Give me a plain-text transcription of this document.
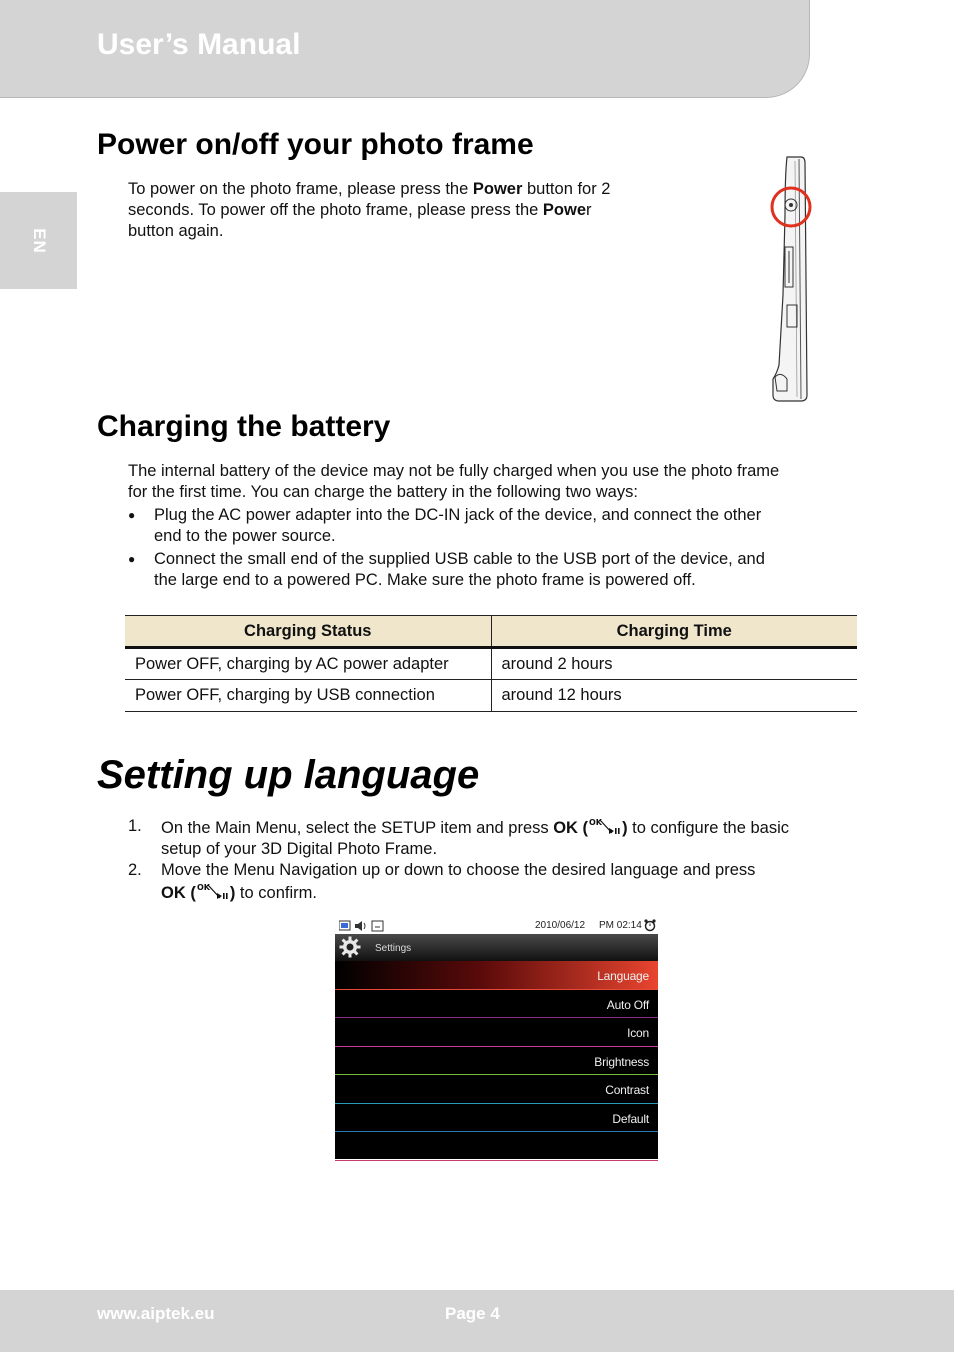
User’s Manual
EN
Power on/off your photo frame
To power on the photo frame, please press the Power button for 2
seconds. To power off the photo frame, please press the Power
button again.
Charging the battery
The internal battery of the device may not be fully charged when you use the photo frame
for the first time. You can charge the battery in the following two ways:
● Plug the AC power adapter into the DC-IN jack of the device, and connect the other
end to the power source.
● Connect the small end of the supplied USB cable to the USB port of the device, and
the large end to a powered PC. Make sure the photo frame is powered off.
Charging Status	Charging Time
Power OFF, charging by AC power adapter	around 2 hours
Power OFF, charging by USB connection	around 12 hours
Setting up language
1. On the Main Menu, select the SETUP item and press OK ( OK ) to configure the basic
setup of your 3D Digital Photo Frame.
2. Move the Menu Navigation up or down to choose the desired language and press
OK ( OK ) to confirm.
2010/06/12 PM 02:14
Settings
Language
Auto Off
Icon
Brightness
Contrast
Default
www.aiptek.eu	Page 4
